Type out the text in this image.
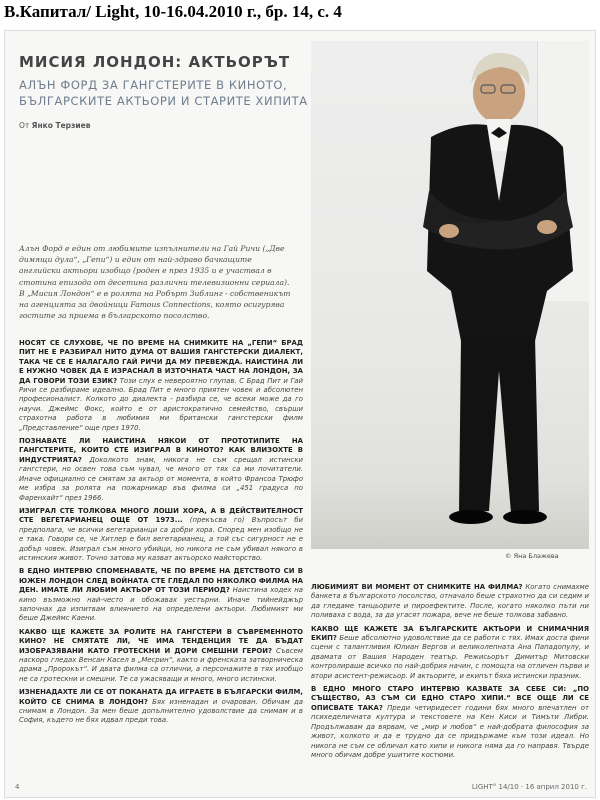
В.Капитал/ Light, 10-16.04.2010 г., бр. 14, с. 4
МИСИЯ ЛОНДОН: АКТЬОРЪТ
АЛЪН ФОРД ЗА ГАНГСТЕРИТЕ В КИНОТО, БЪЛГАРСКИТЕ АКТЬОРИ И СТАРИТЕ ХИПИТА
От Янко Терзиев
Алън Форд е един от любимите изпълнители на Гай Ричи („Две димящи дула“, „Гепи“) и един от най-здраво бачкащите английски актьори изобщо (роден е през 1935 и е участвал в стотина епизода от десетина различни телевизионни сериала). В „Мисия Лондон“ е в ролята на Робърт Зиблинг - собственикът на агенцията за двойници Famous Connections, която осигурява гостите за приема в българското посолство.
© Яна Блажева
НОСЯТ СЕ СЛУХОВЕ, ЧЕ ПО ВРЕМЕ НА СНИМКИТЕ НА „ГЕПИ“ БРАД ПИТ НЕ Е РАЗБИРАЛ НИТО ДУМА ОТ ВАШИЯ ГАНГСТЕРСКИ ДИАЛЕКТ, ТАКА ЧЕ СЕ Е НАЛАГАЛО ГАЙ РИЧИ ДА МУ ПРЕВЕЖДА. НАИСТИНА ЛИ Е НУЖНО ЧОВЕК ДА Е ИЗРАСНАЛ В ИЗТОЧНАТА ЧАСТ НА ЛОНДОН, ЗА ДА ГОВОРИ ТОЗИ ЕЗИК? Този слух е невероятно глупав. С Брад Пит и Гай Ричи се разбираме идеално. Брад Пит е много приятен човек и абсолютен професионалист. Колкото до диалекта - разбира се, че всеки може да го научи. Джеймс Фокс, който е от аристократично семейство, свърши страхотна работа в любимия ми британски гангстерски филм „Представление“ още през 1970.
ПОЗНАВАТЕ ЛИ НАИСТИНА НЯКОИ ОТ ПРОТОТИПИТЕ НА ГАНГСТЕРИТЕ, КОИТО СТЕ ИЗИГРАЛ В КИНОТО? КАК ВЛИЗОХТЕ В ИНДУСТРИЯТА? Доколкото знам, никога не съм срещал истински гангстери, но освен това съм чувал, че много от тях са ми почитатели. Иначе официално се смятам за актьор от момента, в който Франсоа Трюфо ме избра за ролята на пожарникар във филма си „451 градуса по Фаренхайт“ през 1966.
ИЗИГРАЛ СТЕ ТОЛКОВА МНОГО ЛОШИ ХОРА, А В ДЕЙСТВИТЕЛНОСТ СТЕ ВЕГЕТАРИАНЕЦ ОЩЕ ОТ 1973... (прекъсва го) Въпросът би предполага, че всички вегетарианци са добри хора. Според мен изобщо не е така. Говори се, че Хитлер е бил вегетарианец, а той със сигурност не е добър човек. Изиграл съм много убийци, но никога не съм убивал някого в истинския живот. Точно затова му казват актьорско майсторство.
В ЕДНО ИНТЕРВЮ СПОМЕНАВАТЕ, ЧЕ ПО ВРЕМЕ НА ДЕТСТВОТО СИ В ЮЖЕН ЛОНДОН СЛЕД ВОЙНАТА СТЕ ГЛЕДАЛ ПО НЯКОЛКО ФИЛМА НА ДЕН. ИМАТЕ ЛИ ЛЮБИМ АКТЬОР ОТ ТОЗИ ПЕРИОД? Наистина ходех на кино възможно най-често и обожавах уестърни. Иначе тийнейджър започнах да изпитвам влиянието на определени актьори. Любимият ми беше Джеймс Каени.
КАКВО ЩЕ КАЖЕТЕ ЗА РОЛИТЕ НА ГАНГСТЕРИ В СЪВРЕМЕННОТО КИНО? НЕ СМЯТАТЕ ЛИ, ЧЕ ИМА ТЕНДЕНЦИЯ ТЕ ДА БЪДАТ ИЗОБРАЗЯВАНИ КАТО ГРОТЕСКНИ И ДОРИ СМЕШНИ ГЕРОИ? Съвсем наскоро гледах Венсан Касел в „Месрин“, както и френската затворническа драма „Пророкът“. И двата филма са отлични, а персонажите в тях изобщо не са гротескни и смешни. Те са ужасяващи и много, много истински.
ИЗНЕНАДАХТЕ ЛИ СЕ ОТ ПОКАНАТА ДА ИГРАЕТЕ В БЪЛГАРСКИ ФИЛМ, КОЙТО СЕ СНИМА В ЛОНДОН? Бях изненадан и очарован. Обичам да снимам в Лондон. За мен беше допълнително удоволствие да снимам и в София, където не бях идвал преди това.
ЛЮБИМИЯТ ВИ МОМЕНТ ОТ СНИМКИТЕ НА ФИЛМА? Когато снимахме банкета в българското посолство, отначало беше страхотно да си седим и да гледаме танцьорите и пироефектите. После, когато няколко пъти ни поливаха с вода, за да угасят пожара, вече не беше толкова забавно.
КАКВО ЩЕ КАЖЕТЕ ЗА БЪЛГАРСКИТЕ АКТЬОРИ И СНИМАЧНИЯ ЕКИП? Беше абсолютно удоволствие да се работи с тях. Имах доста фини сцени с талантливия Юлиан Вергов и великолепната Ана Пападопулу, и двамата от Вашия Народен театър. Режисьорът Димитър Митовски контролираше всичко по най-добрия начин, с помощта на отличен първи и втори асистент-режисьор. И актьорите, и екипът бяха истински празник.
В ЕДНО МНОГО СТАРО ИНТЕРВЮ КАЗВАТЕ ЗА СЕБЕ СИ: „ПО СЪЩЕСТВО, АЗ СЪМ СИ ЕДНО СТАРО ХИПИ.“ ВСЕ ОЩЕ ЛИ СЕ ОПИСВАТЕ ТАКА? Преди четиридесет години бях много впечатлен от психеделичната култура и текстовете на Кен Киси и Тимъти Либри. Продължавам да вярвам, че „мир и любов“ е най-добрата философия за живот, колкото и да е трудно да се придържаме към този идеал. Но никога не съм се обличал като хипи и никога няма да го направя. Твърде много обичам добре ушитите костюми.
4	LIGHT° 14/10 · 16 април 2010 г.
